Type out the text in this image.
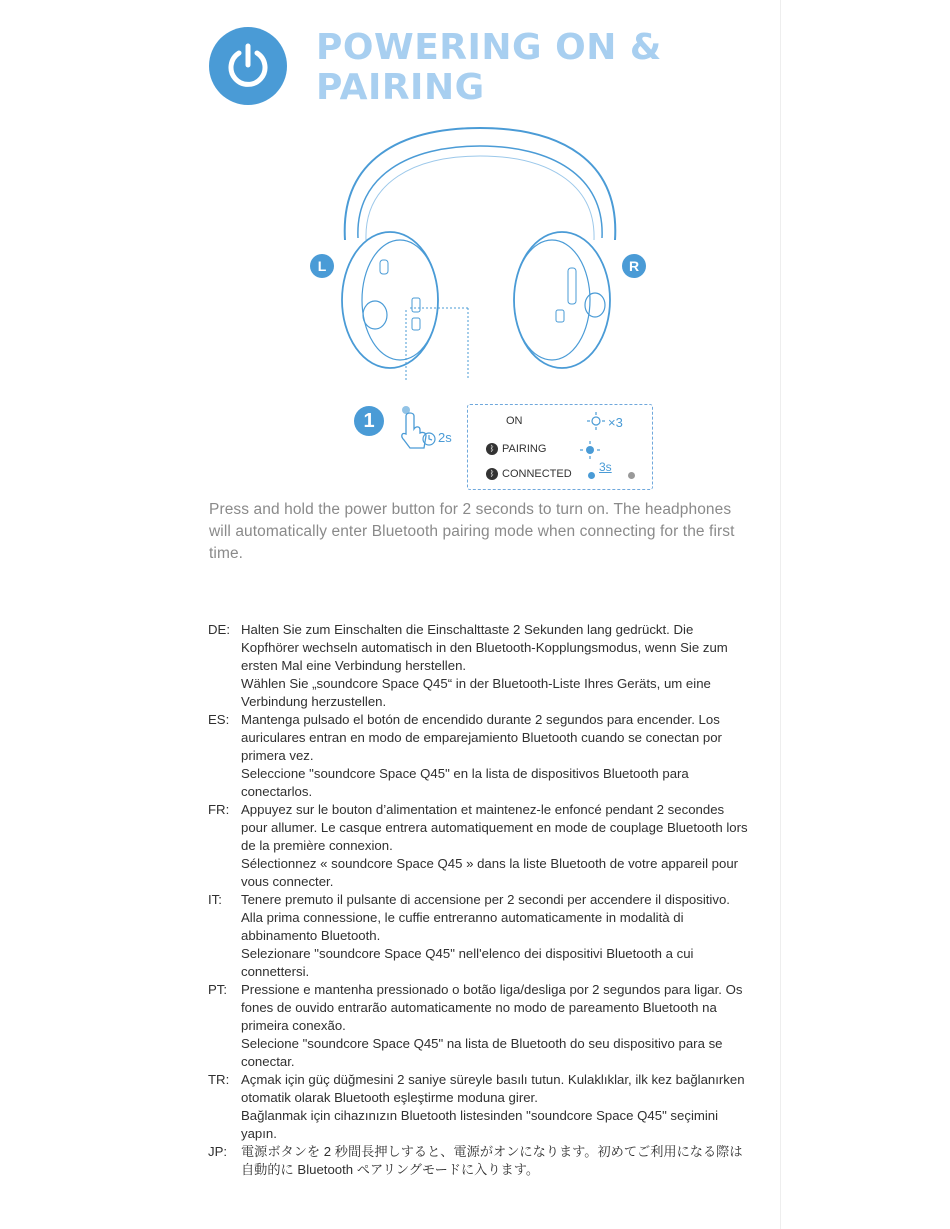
POWERING ON &
PAIRING
L	R
1
2s
ON	×3
ᛒ PAIRING
ᛒ CONNECTED 3s
Press and hold the power button for 2 seconds to turn on. The headphones will automatically enter Bluetooth pairing mode when connecting for the first time.
DE: Halten Sie zum Einschalten die Einschalttaste 2 Sekunden lang gedrückt. Die Kopfhörer wechseln automatisch in den Bluetooth-Kopplungsmodus, wenn Sie zum ersten Mal eine Verbindung herstellen.

Wählen Sie „soundcore Space Q45“ in der Bluetooth-Liste Ihres Geräts, um eine Verbindung herzustellen.

ES: Mantenga pulsado el botón de encendido durante 2 segundos para encender. Los auriculares entran en modo de emparejamiento Bluetooth cuando se conectan por primera vez.

Seleccione "soundcore Space Q45" en la lista de dispositivos Bluetooth para conectarlos.

FR: Appuyez sur le bouton d’alimentation et maintenez-le enfoncé pendant 2 secondes pour allumer. Le casque entrera automatiquement en mode de couplage Bluetooth lors de la première connexion.

Sélectionnez « soundcore Space Q45 » dans la liste Bluetooth de votre appareil pour vous connecter.

IT: Tenere premuto il pulsante di accensione per 2 secondi per accendere il dispositivo. Alla prima connessione, le cuffie entreranno automaticamente in modalità di abbinamento Bluetooth.

Selezionare "soundcore Space Q45" nell'elenco dei dispositivi Bluetooth a cui connettersi.

PT: Pressione e mantenha pressionado o botão liga/desliga por 2 segundos para ligar. Os fones de ouvido entrarão automaticamente no modo de pareamento Bluetooth na primeira conexão.

Selecione "soundcore Space Q45" na lista de Bluetooth do seu dispositivo para se conectar.

TR: Açmak için güç düğmesini 2 saniye süreyle basılı tutun. Kulaklıklar, ilk kez bağlanırken otomatik olarak Bluetooth eşleştirme moduna girer.

Bağlanmak için cihazınızın Bluetooth listesinden "soundcore Space Q45" seçimini yapın.

JP: 電源ボタンを 2 秒間長押しすると、電源がオンになります。初めてご利用になる際は自動的に Bluetooth ペアリングモードに入ります。
